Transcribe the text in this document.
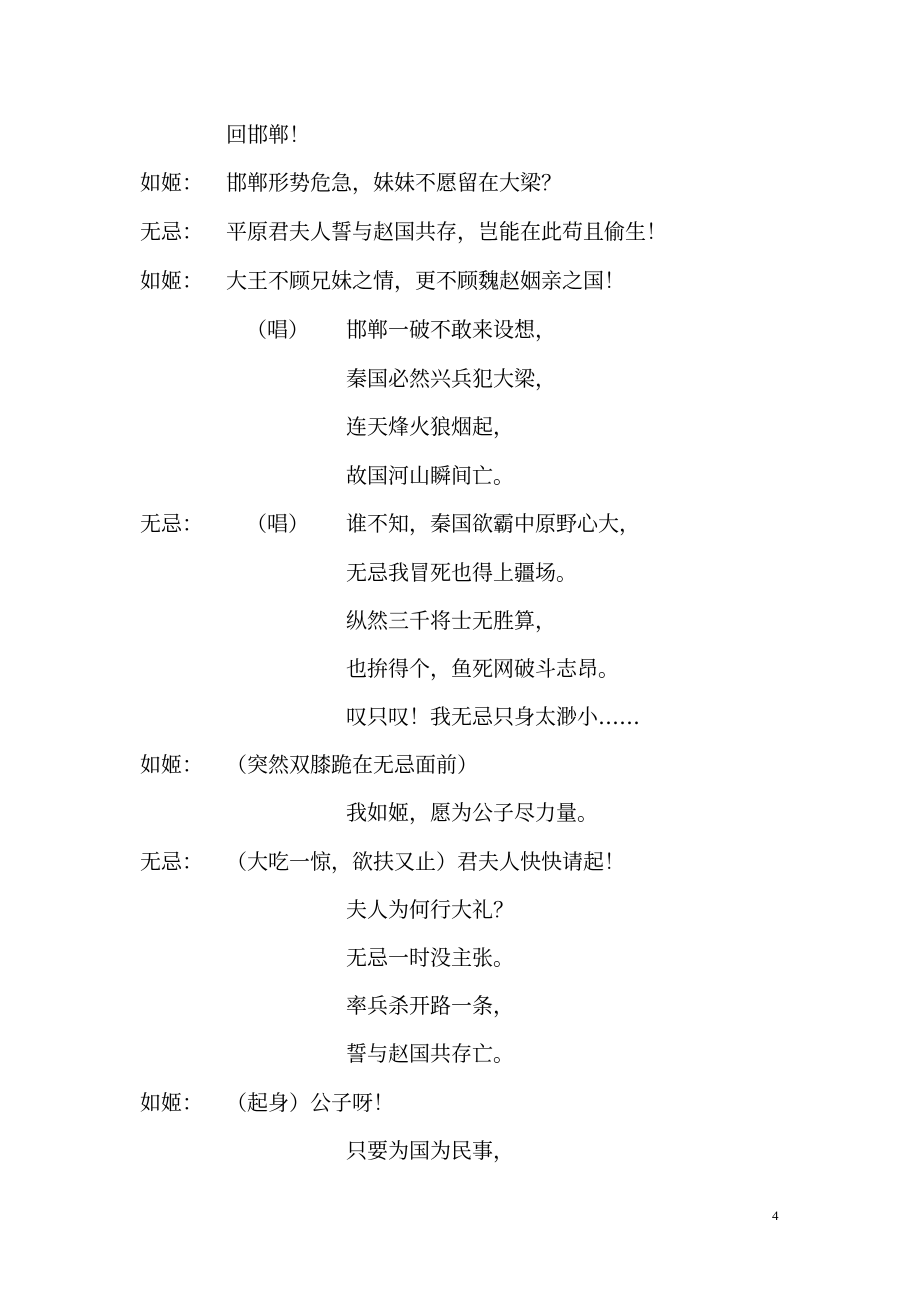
回邯郸！
如姬： 邯郸形势危急，妹妹不愿留在大梁？
无忌： 平原君夫人誓与赵国共存，岂能在此苟且偷生！
如姬： 大王不顾兄妹之情，更不顾魏赵姻亲之国！
（唱） 邯郸一破不敢来设想，
秦国必然兴兵犯大梁，
连天烽火狼烟起，
故国河山瞬间亡。
无忌： （唱） 谁不知，秦国欲霸中原野心大，
无忌我冒死也得上疆场。
纵然三千将士无胜算，
也拚得个，鱼死网破斗志昂。
叹只叹！我无忌只身太渺小……
如姬： （突然双膝跪在无忌面前）
我如姬，愿为公子尽力量。
无忌： （大吃一惊，欲扶又止）君夫人快快请起！
夫人为何行大礼？
无忌一时没主张。
率兵杀开路一条，
誓与赵国共存亡。
如姬： （起身）公子呀！
只要为国为民事，
4
